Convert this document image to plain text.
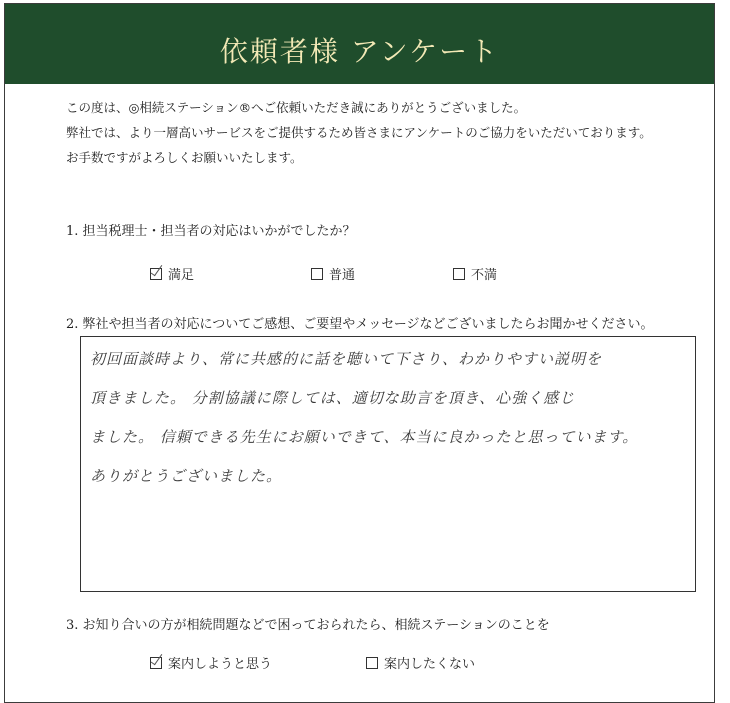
依頼者様 アンケート
この度は、◎相続ステーション®へご依頼いただき誠にありがとうございました。
弊社では、より一層高いサービスをご提供するため皆さまにアンケートのご協力をいただいております。
お手数ですがよろしくお願いいたします。
1. 担当税理士・担当者の対応はいかがでしたか？
満足	普通	不満
2. 弊社や担当者の対応についてご感想、ご要望やメッセージなどございましたらお聞かせください。
初回面談時より、常に共感的に話を聴いて下さり、わかりやすい説明を
頂きました。 分割協議に際しては、適切な助言を頂き、心強く感じ
ました。 信頼できる先生にお願いできて、本当に良かったと思っています。
ありがとうございました。
3. お知り合いの方が相続問題などで困っておられたら、相続ステーションのことを
案内しようと思う	案内したくない
